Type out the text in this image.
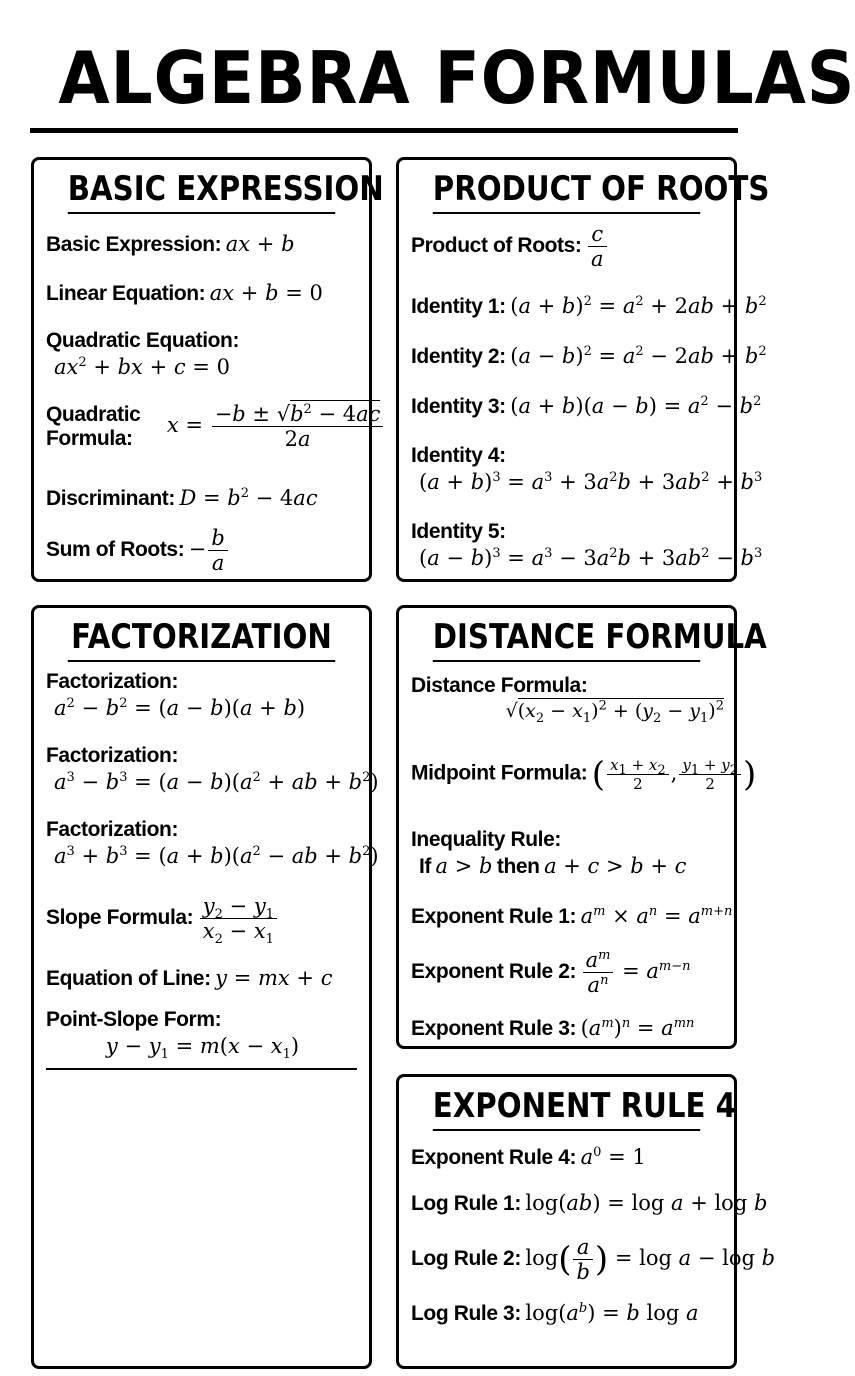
ALGEBRA FORMULAS
BASIC EXPRESSION
Basic Expression: ax + b
Linear Equation: ax + b = 0
Quadratic Equation:
$ax^2$ + bx + c = 0
Quadratic
Formula:
$x = \frac{-b \pm √b^2 - 4ac}{2a}$
Discriminant: $D = b^2 - 4ac$
Sum of Roots: − $\frac{b}{a}$
PRODUCT OF ROOTS
Product of Roots: $\frac{c}{a}$
Identity 1: $(a + b)^2 = a^2 + 2ab + b^2$
Identity 2: $(a - b)^2 = a^2 - 2ab + b^2$
Identity 3: $(a + b)(a - b) = a^2 - b^2$
Identity 4:
$(a + b)^3 = a^3 + 3a^2b + 3ab^2 + b^3$
Identity 5:
$(a - b)^3 = a^3 - 3a^2b + 3ab^2 - b^3$
FACTORIZATION
Factorization:
$a^2 - b^2 = (a - b)(a + b)$
Factorization:
$a^3 - b^3 = (a - b)(a^2$ + ab + $b^2$)
Factorization:
$a^3 + b^3 = (a + b)(a^2$ − ab + $b^2$)
Slope Formula: $\frac{y_2 - y_1}{x_2 - x_1}$
Equation of Line: y = mx + c
Point-Slope Form:
$y - y_1 = m(x - x_1)$
DISTANCE FORMULA
Distance Formula:
$√(x_2 - x_1)^2 + (y_2 - y_1)^2$
Midpoint Formula: ( $\frac{x_1 + x_2}{2}$ , $\frac{y_1 + y_2}{2}$ )
Inequality Rule:
If a > b then a + c > b + c
Exponent Rule 1: $a^m \times a^n = a^{m+n}$
Exponent Rule 2: $\frac{a^m}{a^n} = a^{m-n}$
Exponent Rule 3: $(a^m)^n = a^{mn}$
EXPONENT RULE 4
Exponent Rule 4: $a^0 = 1$
Log Rule 1: log(ab) = log a + log b
Log Rule 2: $\log( \frac{a}{b}$ ) = log a − log b
Log Rule 3: $\log(a^b) = b$ log a
